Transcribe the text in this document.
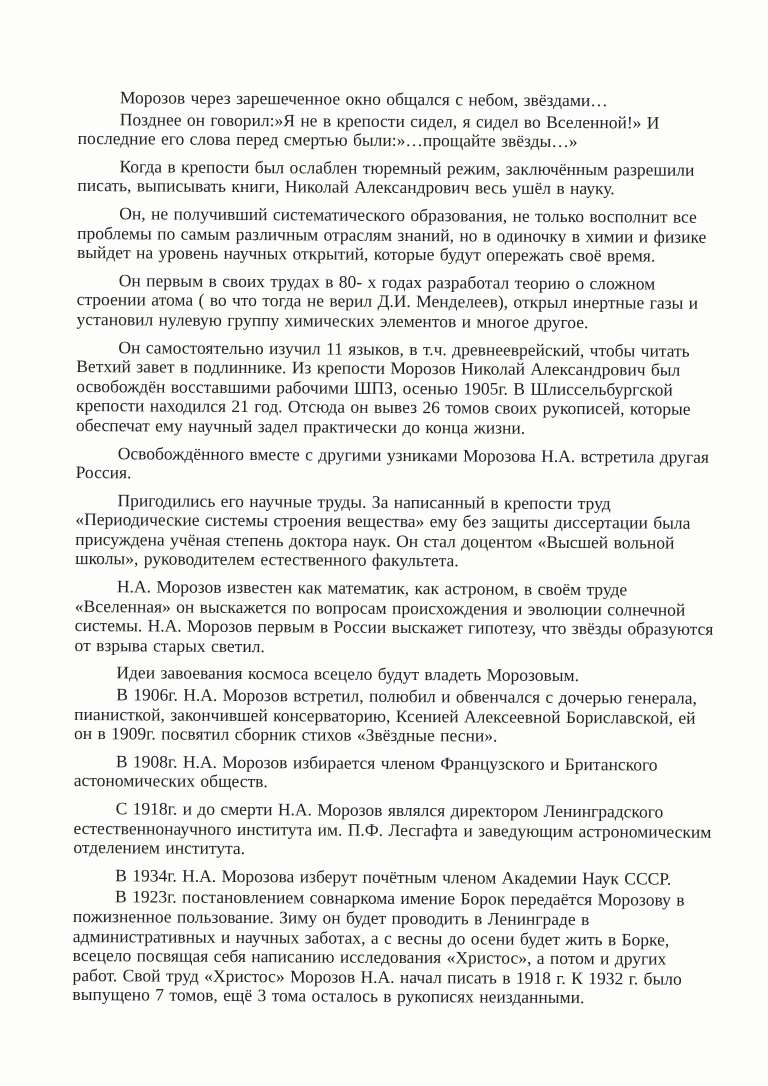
Морозов через зарешеченное окно общался с небом, звёздами…

Позднее он говорил:»Я не в крепости сидел, я сидел во Вселенной!» И последние его слова перед смертью были:»…прощайте звёзды…»

Когда в крепости был ослаблен тюремный режим, заключённым разрешили писать, выписывать книги, Николай Александрович весь ушёл в науку.

Он, не получивший систематического образования, не только восполнит все проблемы по самым различным отраслям знаний, но в одиночку в химии и физике выйдет на уровень научных открытий, которые будут опережать своё время.

Он первым в своих трудах в 80- х годах разработал теорию о сложном строении атома ( во что тогда не верил Д.И. Менделеев), открыл инертные газы и установил нулевую группу химических элементов и многое другое.

Он самостоятельно изучил 11 языков, в т.ч. древнееврейский, чтобы читать Ветхий завет в подлиннике. Из крепости Морозов Николай Александрович был освобождён восставшими рабочими ШПЗ, осенью 1905г. В Шлиссельбургской крепости находился 21 год. Отсюда он вывез 26 томов своих рукописей, которые обеспечат ему научный задел практически до конца жизни.

Освобождённого вместе с другими узниками Морозова Н.А. встретила другая Россия.

Пригодились его научные труды. За написанный в крепости труд «Периодические системы строения вещества» ему без защиты диссертации была присуждена учёная степень доктора наук. Он стал доцентом «Высшей вольной школы», руководителем естественного факультета.

Н.А. Морозов известен как математик, как астроном, в своём труде «Вселенная» он выскажется по вопросам происхождения и эволюции солнечной системы. Н.А. Морозов первым в России выскажет гипотезу, что звёзды образуются от взрыва старых светил.

Идеи завоевания космоса всецело будут владеть Морозовым.

В 1906г. Н.А. Морозов встретил, полюбил и обвенчался с дочерью генерала, пианисткой, закончившей консерваторию, Ксенией Алексеевной Бориславской, ей он в 1909г. посвятил сборник стихов «Звёздные песни».

В 1908г. Н.А. Морозов избирается членом Французского и Британского астономических обществ.

С 1918г. и до смерти Н.А. Морозов являлся директором Ленинградского естественнонаучного института им. П.Ф. Лесгафта и заведующим астрономическим отделением института.

В 1934г. Н.А. Морозова изберут почётным членом Академии Наук СССР.

В 1923г. постановлением совнаркома имение Борок передаётся Морозову в пожизненное пользование. Зиму он будет проводить в Ленинграде в административных и научных заботах, а с весны до осени будет жить в Борке, всецело посвящая себя написанию исследования «Христос», а потом и других работ. Свой труд «Христос» Морозов Н.А. начал писать в 1918 г. К 1932 г. было выпущено 7 томов, ещё 3 тома осталось в рукописях неизданными.
